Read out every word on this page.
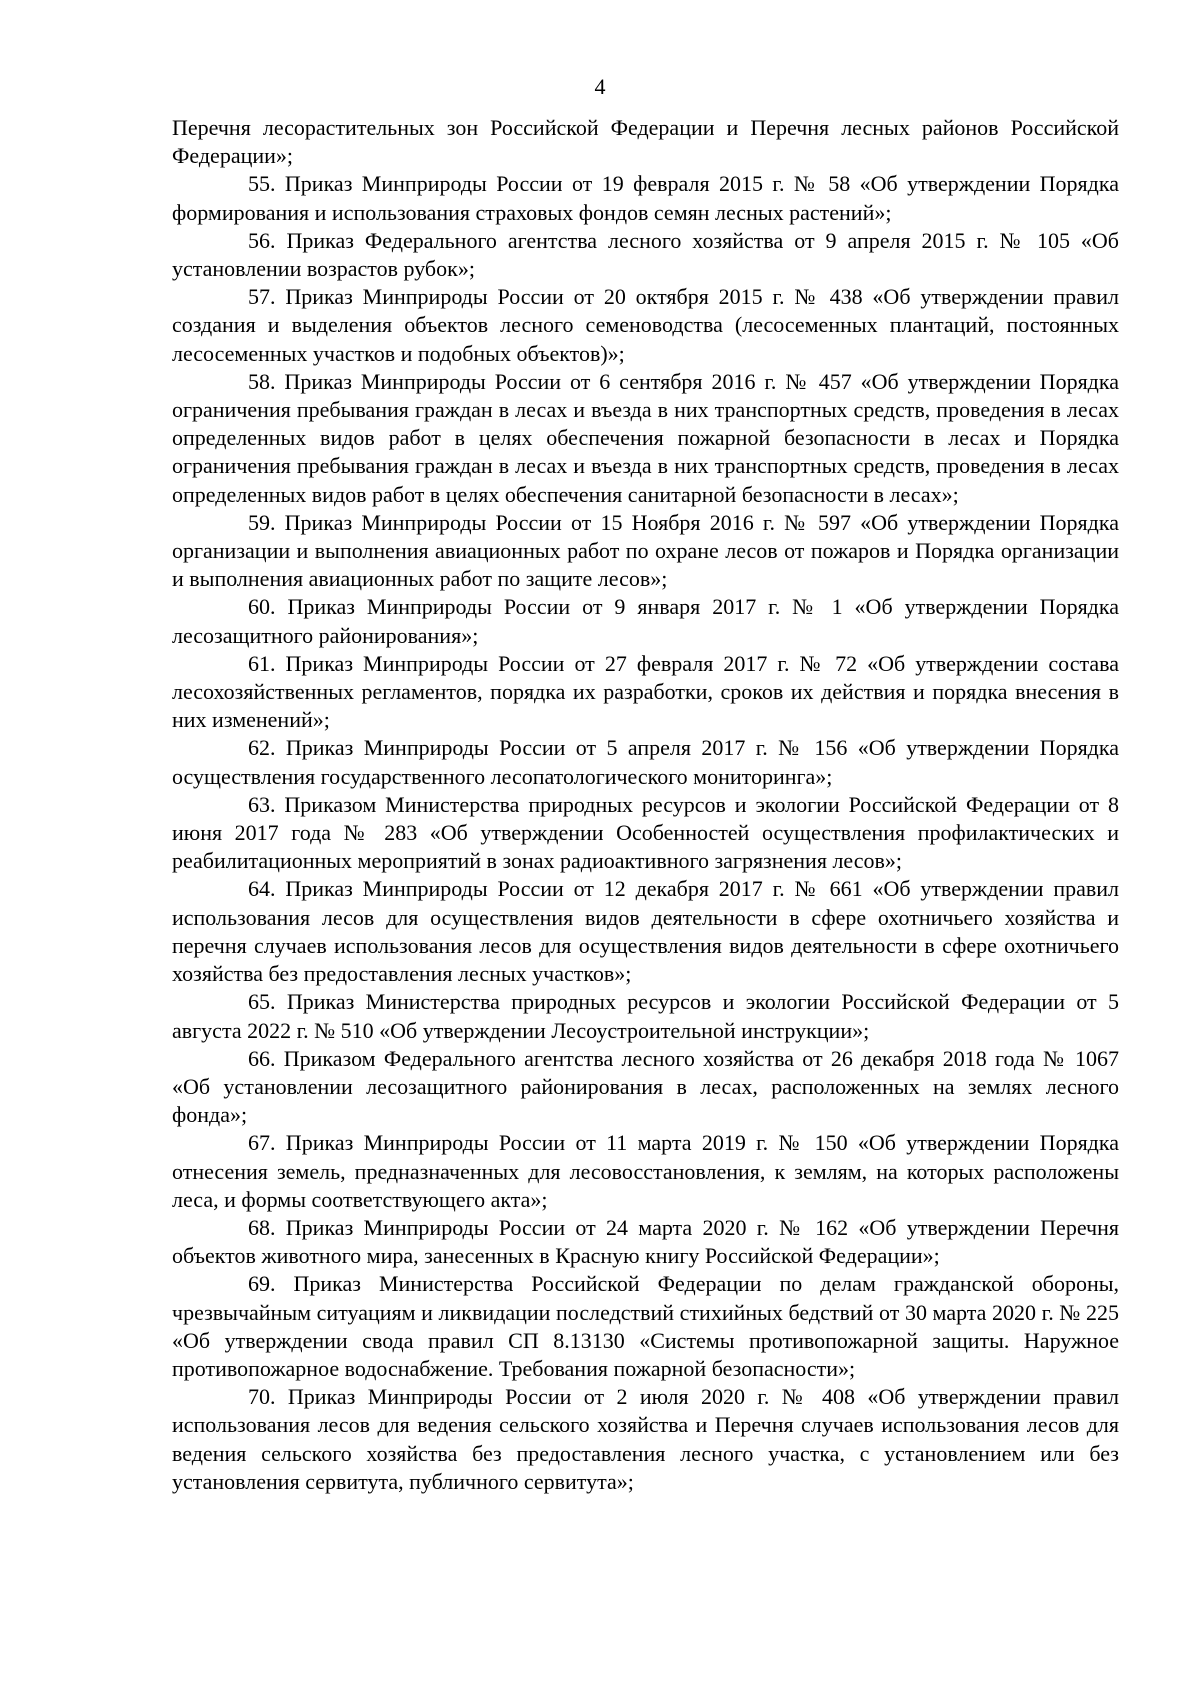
4

Перечня лесорастительных зон Российской Федерации и Перечня лесных районов Российской Федерации»;

55. Приказ Минприроды России от 19 февраля 2015 г. № 58 «Об утверждении Порядка формирования и использования страховых фондов семян лесных растений»;

56. Приказ Федерального агентства лесного хозяйства от 9 апреля 2015 г. № 105 «Об установлении возрастов рубок»;

57. Приказ Минприроды России от 20 октября 2015 г. № 438 «Об утверждении правил создания и выделения объектов лесного семеноводства (лесосеменных плантаций, постоянных лесосеменных участков и подобных объектов)»;

58. Приказ Минприроды России от 6 сентября 2016 г. № 457 «Об утверждении Порядка ограничения пребывания граждан в лесах и въезда в них транспортных средств, проведения в лесах определенных видов работ в целях обеспечения пожарной безопасности в лесах и Порядка ограничения пребывания граждан в лесах и въезда в них транспортных средств, проведения в лесах определенных видов работ в целях обеспечения санитарной безопасности в лесах»;

59. Приказ Минприроды России от 15 Ноября 2016 г. № 597 «Об утверждении Порядка организации и выполнения авиационных работ по охране лесов от пожаров и Порядка организации и выполнения авиационных работ по защите лесов»;

60. Приказ Минприроды России от 9 января 2017 г. № 1 «Об утверждении Порядка лесозащитного районирования»;

61. Приказ Минприроды России от 27 февраля 2017 г. № 72 «Об утверждении состава лесохозяйственных регламентов, порядка их разработки, сроков их действия и порядка внесения в них изменений»;

62. Приказ Минприроды России от 5 апреля 2017 г. № 156 «Об утверждении Порядка осуществления государственного лесопатологического мониторинга»;

63. Приказом Министерства природных ресурсов и экологии Российской Федерации от 8 июня 2017 года № 283 «Об утверждении Особенностей осуществления профилактических и реабилитационных мероприятий в зонах радиоактивного загрязнения лесов»;

64. Приказ Минприроды России от 12 декабря 2017 г. № 661 «Об утверждении правил использования лесов для осуществления видов деятельности в сфере охотничьего хозяйства и перечня случаев использования лесов для осуществления видов деятельности в сфере охотничьего хозяйства без предоставления лесных участков»;

65. Приказ Министерства природных ресурсов и экологии Российской Федерации от 5 августа 2022 г. № 510 «Об утверждении Лесоустроительной инструкции»;

66. Приказом Федерального агентства лесного хозяйства от 26 декабря 2018 года № 1067 «Об установлении лесозащитного районирования в лесах, расположенных на землях лесного фонда»;

67. Приказ Минприроды России от 11 марта 2019 г. № 150 «Об утверждении Порядка отнесения земель, предназначенных для лесовосстановления, к землям, на которых расположены леса, и формы соответствующего акта»;

68. Приказ Минприроды России от 24 марта 2020 г. № 162 «Об утверждении Перечня объектов животного мира, занесенных в Красную книгу Российской Федерации»;

69. Приказ Министерства Российской Федерации по делам гражданской обороны, чрезвычайным ситуациям и ликвидации последствий стихийных бедствий от 30 марта 2020 г. № 225 «Об утверждении свода правил СП 8.13130 «Системы противопожарной защиты. Наружное противопожарное водоснабжение. Требования пожарной безопасности»;

70. Приказ Минприроды России от 2 июля 2020 г. № 408 «Об утверждении правил использования лесов для ведения сельского хозяйства и Перечня случаев использования лесов для ведения сельского хозяйства без предоставления лесного участка, с установлением или без установления сервитута, публичного сервитута»;
